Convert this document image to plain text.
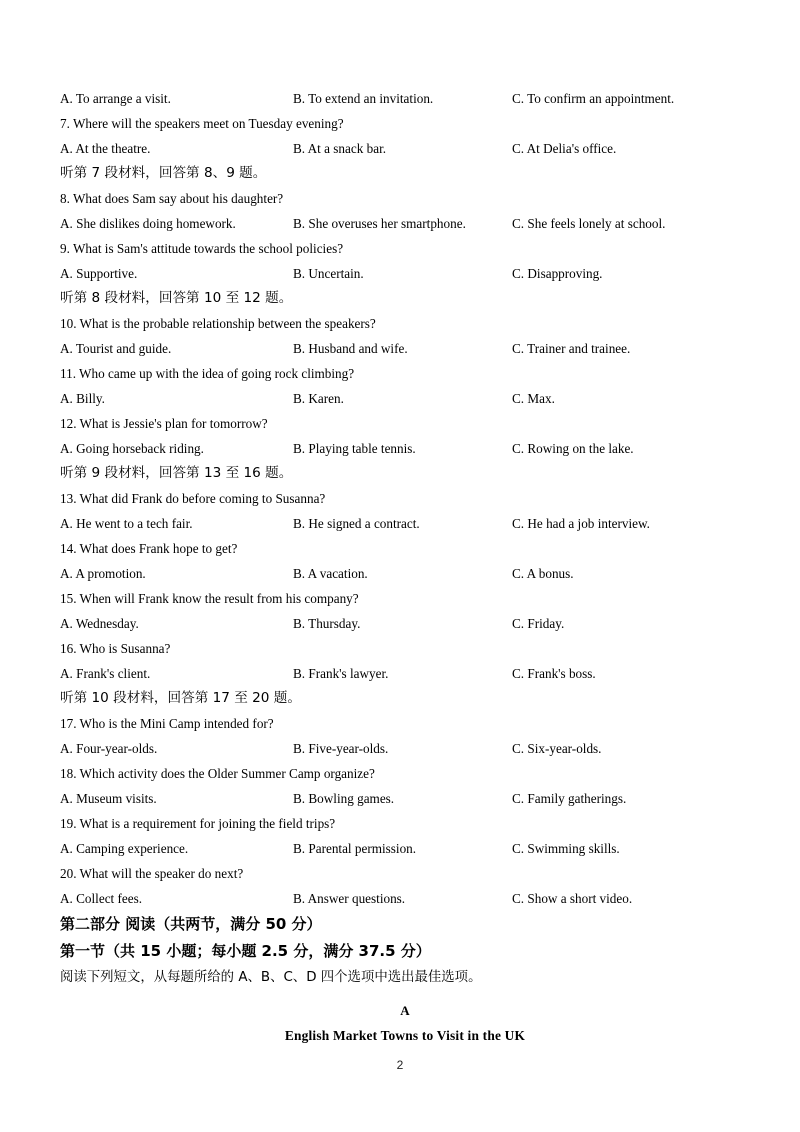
A. To arrange a visit.	B. To extend an invitation.	C. To confirm an appointment.
7. Where will the speakers meet on Tuesday evening?
A. At the theatre.	B. At a snack bar.	C. At Delia's office.
听第 7 段材料，回答第 8、9 题。
8. What does Sam say about his daughter?
A. She dislikes doing homework.	B. She overuses her smartphone.	C. She feels lonely at school.
9. What is Sam's attitude towards the school policies?
A. Supportive.	B. Uncertain.	C. Disapproving.
听第 8 段材料，回答第 10 至 12 题。
10. What is the probable relationship between the speakers?
A. Tourist and guide.	B. Husband and wife.	C. Trainer and trainee.
11. Who came up with the idea of going rock climbing?
A. Billy.	B. Karen.	C. Max.
12. What is Jessie's plan for tomorrow?
A. Going horseback riding.	B. Playing table tennis.	C. Rowing on the lake.
听第 9 段材料，回答第 13 至 16 题。
13. What did Frank do before coming to Susanna?
A. He went to a tech fair.	B. He signed a contract.	C. He had a job interview.
14. What does Frank hope to get?
A. A promotion.	B. A vacation.	C. A bonus.
15. When will Frank know the result from his company?
A. Wednesday.	B. Thursday.	C. Friday.
16. Who is Susanna?
A. Frank's client.	B. Frank's lawyer.	C. Frank's boss.
听第 10 段材料，回答第 17 至 20 题。
17. Who is the Mini Camp intended for?
A. Four-year-olds.	B. Five-year-olds.	C. Six-year-olds.
18. Which activity does the Older Summer Camp organize?
A. Museum visits.	B. Bowling games.	C. Family gatherings.
19. What is a requirement for joining the field trips?
A. Camping experience.	B. Parental permission.	C. Swimming skills.
20. What will the speaker do next?
A. Collect fees.	B. Answer questions.	C. Show a short video.
第二部分 阅读（共两节，满分 50 分）
第一节（共 15 小题；每小题 2.5 分，满分 37.5 分）
阅读下列短文，从每题所给的 A、B、C、D 四个选项中选出最佳选项。
A
English Market Towns to Visit in the UK
2
